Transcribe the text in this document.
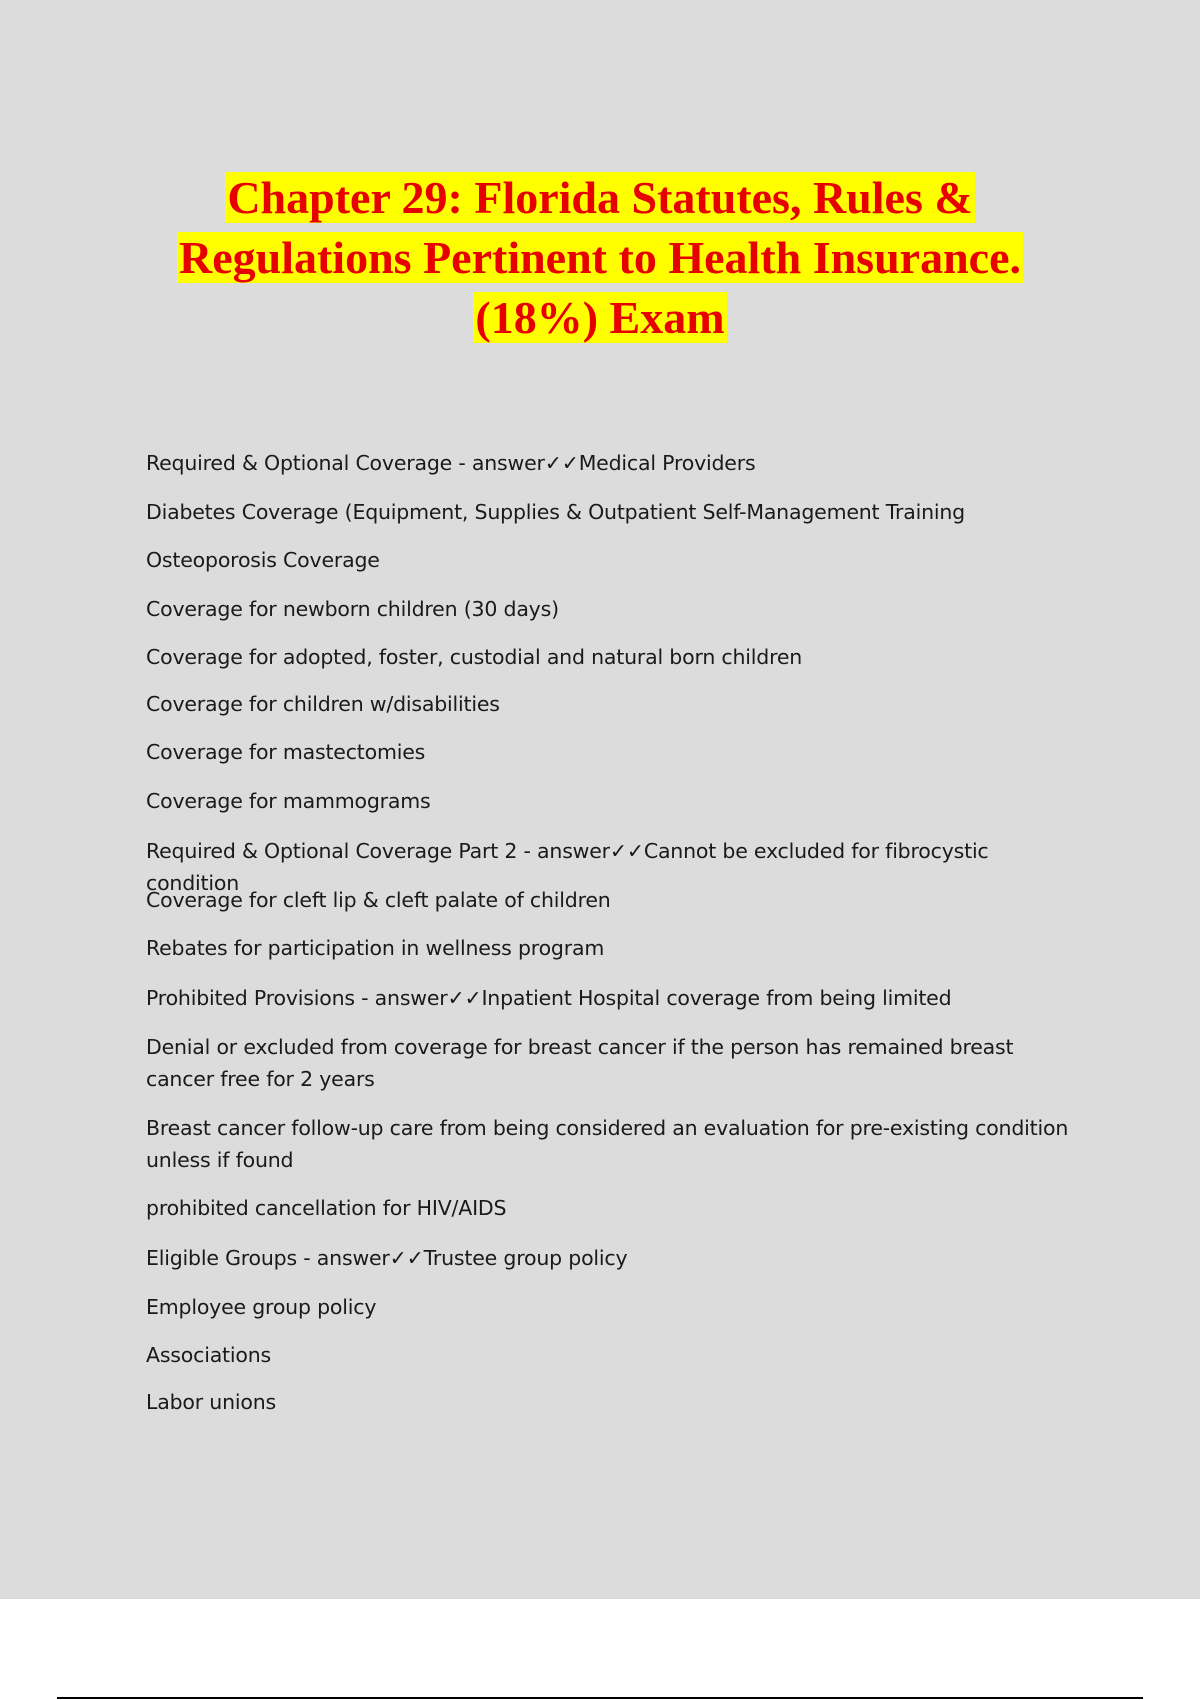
Chapter 29: Florida Statutes, Rules &
Regulations Pertinent to Health Insurance.
(18%) Exam
Required & Optional Coverage - answer✓✓Medical Providers
Diabetes Coverage (Equipment, Supplies & Outpatient Self-Management Training
Osteoporosis Coverage
Coverage for newborn children (30 days)
Coverage for adopted, foster, custodial and natural born children
Coverage for children w/disabilities
Coverage for mastectomies
Coverage for mammograms
Required & Optional Coverage Part 2 - answer✓✓Cannot be excluded for fibrocystic condition
Coverage for cleft lip & cleft palate of children
Rebates for participation in wellness program
Prohibited Provisions - answer✓✓Inpatient Hospital coverage from being limited
Denial or excluded from coverage for breast cancer if the person has remained breast cancer free for 2 years
Breast cancer follow-up care from being considered an evaluation for pre-existing condition unless if found
prohibited cancellation for HIV/AIDS
Eligible Groups - answer✓✓Trustee group policy
Employee group policy
Associations
Labor unions
